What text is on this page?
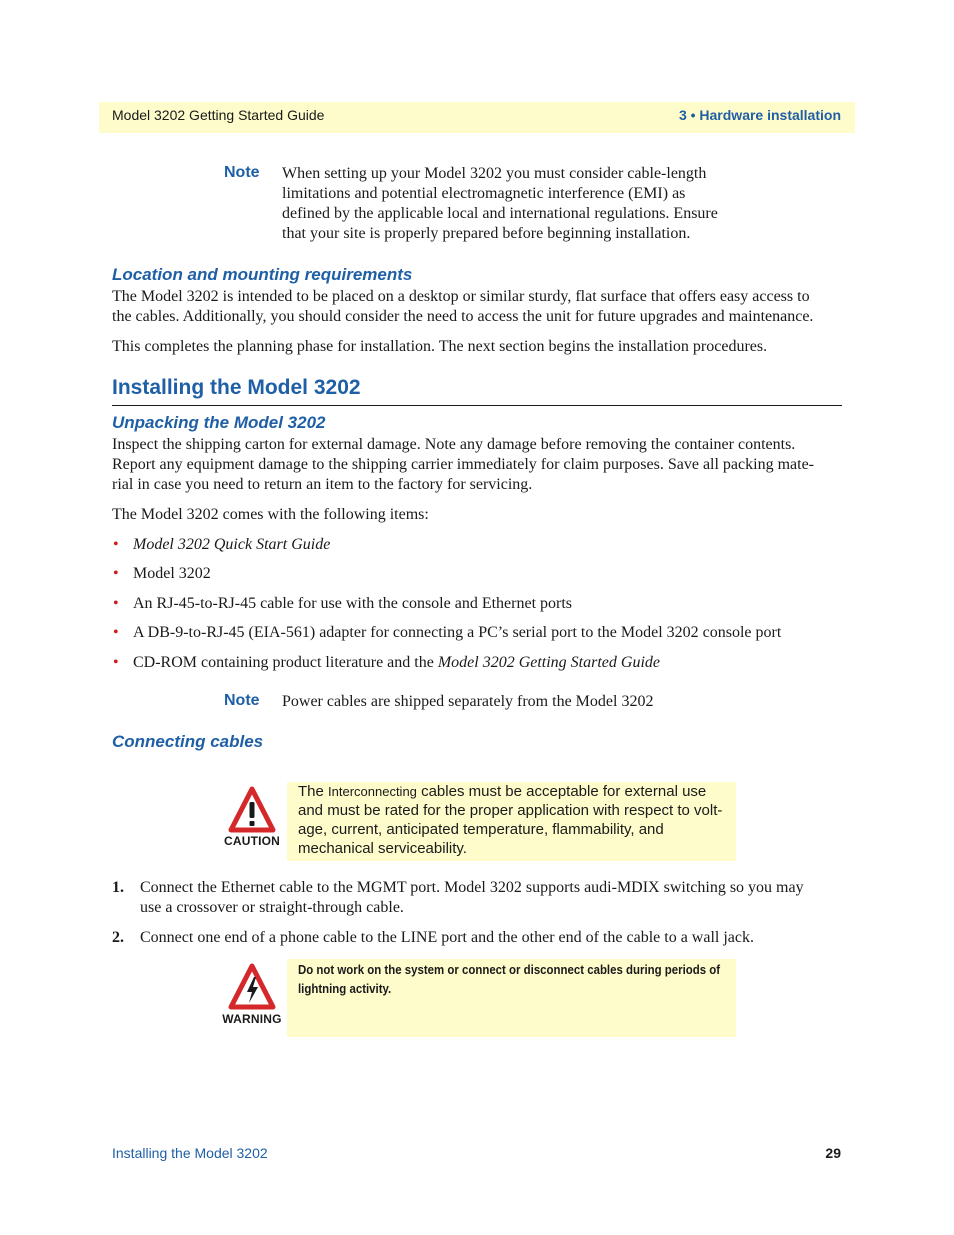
Model 3202 Getting Started Guide	3 • Hardware installation
Note When setting up your Model 3202 you must consider cable-length
limitations and potential electromagnetic interference (EMI) as
defined by the applicable local and international regulations. Ensure
that your site is properly prepared before beginning installation.
Location and mounting requirements
The Model 3202 is intended to be placed on a desktop or similar sturdy, flat surface that offers easy access to
the cables. Additionally, you should consider the need to access the unit for future upgrades and maintenance.
This completes the planning phase for installation. The next section begins the installation procedures.
Installing the Model 3202
Unpacking the Model 3202
Inspect the shipping carton for external damage. Note any damage before removing the container contents.
Report any equipment damage to the shipping carrier immediately for claim purposes. Save all packing mate-
rial in case you need to return an item to the factory for servicing.
The Model 3202 comes with the following items:
• Model 3202 Quick Start Guide
• Model 3202
• An RJ-45-to-RJ-45 cable for use with the console and Ethernet ports
• A DB-9-to-RJ-45 (EIA-561) adapter for connecting a PC’s serial port to the Model 3202 console port
• CD-ROM containing product literature and the Model 3202 Getting Started Guide
Note Power cables are shipped separately from the Model 3202
Connecting cables
CAUTION
The Interconnecting cables must be acceptable for external use
and must be rated for the proper application with respect to volt-
age, current, anticipated temperature, flammability, and
mechanical serviceability.
1. Connect the Ethernet cable to the MGMT port. Model 3202 supports audi-MDIX switching so you may
use a crossover or straight-through cable.
2. Connect one end of a phone cable to the LINE port and the other end of the cable to a wall jack.
WARNING
Do not work on the system or connect or disconnect cables during periods of
lightning activity.
Installing the Model 3202	29
